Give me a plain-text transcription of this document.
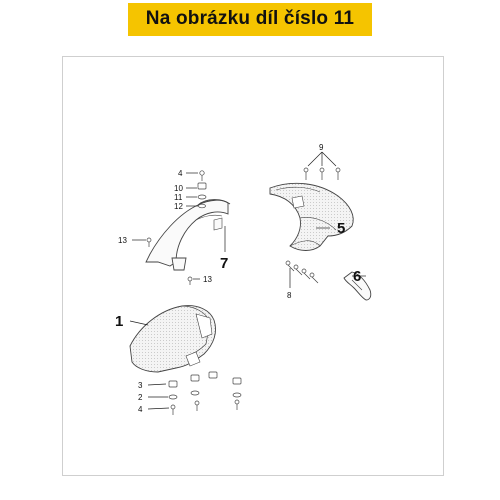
Na obrázku díl číslo 11
1
5
6
7
2
3
4
4
8
9
10
11
12
13
13
